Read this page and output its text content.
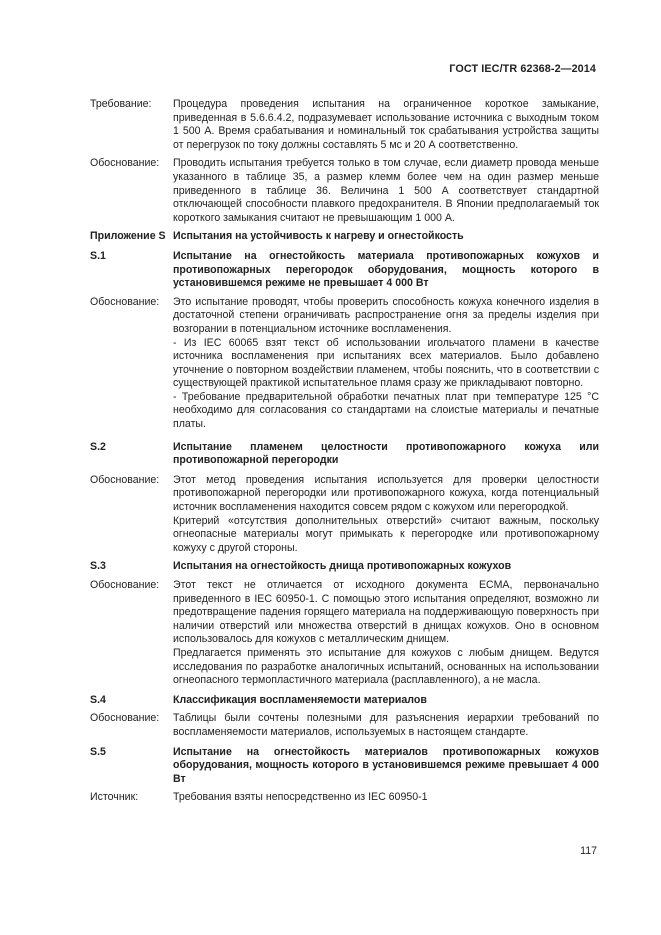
ГОСТ IEC/TR 62368-2—2014
Требование:	Процедура проведения испытания на ограниченное короткое замыкание, приведенная в 5.6.6.4.2, подразумевает использование источника с выходным током 1 500 А. Время срабатывания и номинальный ток срабатывания устройства защиты от перегрузок по току должны составлять 5 мс и 20 А соответственно.
Обоснование:	Проводить испытания требуется только в том случае, если диаметр провода меньше указанного в таблице 35, а размер клемм более чем на один размер меньше приведенного в таблице 36. Величина 1 500 А соответствует стандартной отключающей способности плавкого предохранителя. В Японии предполагаемый ток короткого замыкания считают не превышающим 1 000 А.
Приложение S Испытания на устойчивость к нагреву и огнестойкость
S.1	Испытание на огнестойкость материала противопожарных кожухов и противопожарных перегородок оборудования, мощность которого в установившемся режиме не превышает 4 000 Вт
Обоснование:	Это испытание проводят, чтобы проверить способность кожуха конечного изделия в достаточной степени ограничивать распространение огня за пределы изделия при возгорании в потенциальном источнике воспламенения.
- Из IEC 60065 взят текст об использовании игольчатого пламени в качестве источника воспламенения при испытаниях всех материалов. Было добавлено уточнение о повторном воздействии пламенем, чтобы пояснить, что в соответствии с существующей практикой испытательное пламя сразу же прикладывают повторно.
- Требование предварительной обработки печатных плат при температуре 125 °С необходимо для согласования со стандартами на слоистые материалы и печатные платы.
S.2	Испытание пламенем целостности противопожарного кожуха или противопожарной перегородки
Обоснование:	Этот метод проведения испытания используется для проверки целостности противопожарной перегородки или противопожарного кожуха, когда потенциальный источник воспламенения находится совсем рядом с кожухом или перегородкой.
Критерий «отсутствия дополнительных отверстий» считают важным, поскольку огнеопасные материалы могут примыкать к перегородке или противопожарному кожуху с другой стороны.
S.3	Испытания на огнестойкость днища противопожарных кожухов
Обоснование:	Этот текст не отличается от исходного документа ЕСМА, первоначально приведенного в IEC 60950-1. С помощью этого испытания определяют, возможно ли предотвращение падения горящего материала на поддерживающую поверхность при наличии отверстий или множества отверстий в днищах кожухов. Оно в основном использовалось для кожухов с металлическим днищем.
Предлагается применять это испытание для кожухов с любым днищем. Ведутся исследования по разработке аналогичных испытаний, основанных на использовании огнеопасного термопластичного материала (расплавленного), а не масла.
S.4	Классификация воспламеняемости материалов
Обоснование:	Таблицы были сочтены полезными для разъяснения иерархии требований по воспламеняемости материалов, используемых в настоящем стандарте.
S.5	Испытание на огнестойкость материалов противопожарных кожухов оборудования, мощность которого в установившемся режиме превышает 4 000 Вт
Источник:	Требования взяты непосредственно из IEC 60950-1
117
